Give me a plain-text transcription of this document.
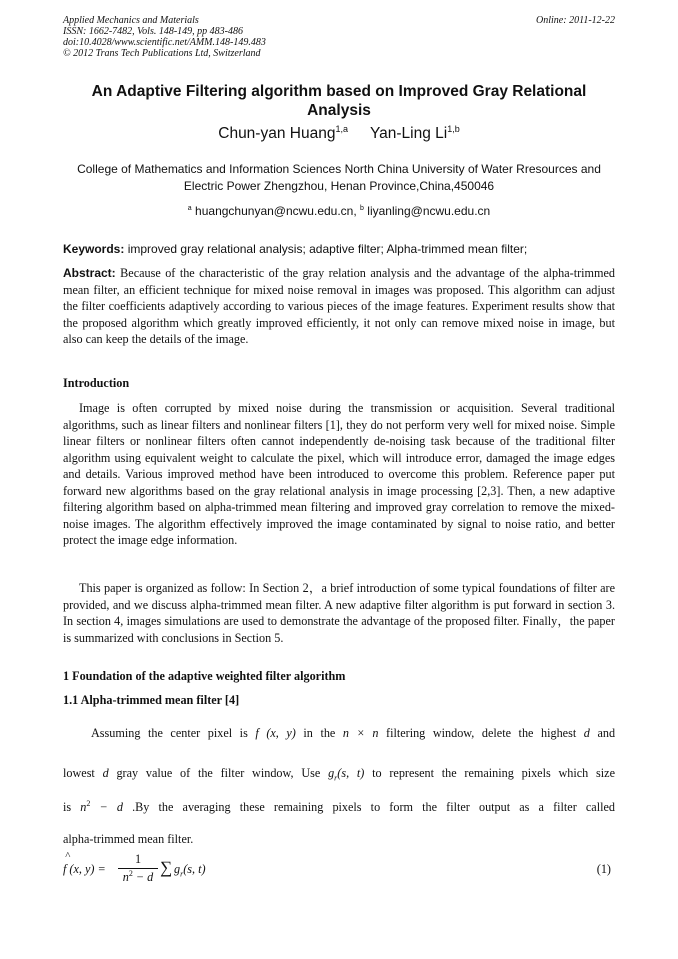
Applied Mechanics and Materials
ISSN: 1662-7482, Vols. 148-149, pp 483-486
doi:10.4028/www.scientific.net/AMM.148-149.483
© 2012 Trans Tech Publications Ltd, Switzerland
Online: 2011-12-22
An Adaptive Filtering algorithm based on Improved Gray Relational Analysis
Chun-yan Huang$^{1,a}$ Yan-Ling Li$^{1,b}$
College of Mathematics and Information Sciences North China University of Water Rresources and Electric Power Zhengzhou, Henan Province,China,450046
$^a$ huangchunyan@ncwu.edu.cn, $^b$ liyanling@ncwu.edu.cn
Keywords: improved gray relational analysis; adaptive filter; Alpha-trimmed mean filter;
Abstract: Because of the characteristic of the gray relation analysis and the advantage of the alpha-trimmed mean filter, an efficient technique for mixed noise removal in images was proposed. This algorithm can adjust the filter coefficients adaptively according to various pieces of the image features. Experiment results show that the proposed algorithm which greatly improved efficiently, it not only can remove mixed noise in image, but also can keep the details of the image.
Introduction
Image is often corrupted by mixed noise during the transmission or acquisition. Several traditional algorithms, such as linear filters and nonlinear filters [1], they do not perform very well for mixed noise. Simple linear filters or nonlinear filters often cannot independently de-noising task because of the traditional filter algorithm using equivalent weight to calculate the pixel, which will introduce error, damaged the image edges and details. Various improved method have been introduced to overcome this problem. Reference paper put forward new algorithms based on the gray relational analysis in image processing [2,3]. Then, a new adaptive filtering algorithm based on alpha-trimmed mean filtering and improved gray correlation to remove the mixed-noise images. The algorithm effectively improved the image contaminated by signal to noise ratio, and better protect the image edge information.
This paper is organized as follow: In Section 2，a brief introduction of some typical foundations of filter are provided, and we discuss alpha-trimmed mean filter. A new adaptive filter algorithm is put forward in section 3. In section 4, images simulations are used to demonstrate the advantage of the proposed filter. Finally，the paper is summarized with conclusions in Section 5.
1 Foundation of the adaptive weighted filter algorithm
1.1 Alpha-trimmed mean filter [4]
Assuming the center pixel is f (x, y) in the n × n filtering window, delete the highest d and
lowest d gray value of the filter window, Use $g_r(s$, t) to represent the remaining pixels which size
is $n^2 - d$ .By the averaging these remaining pixels to form the filter output as a filter called
alpha-trimmed mean filter.
^
f (x, y) =
1
$n^2 - d$
∑ $g_r(s$, t)	(1)
